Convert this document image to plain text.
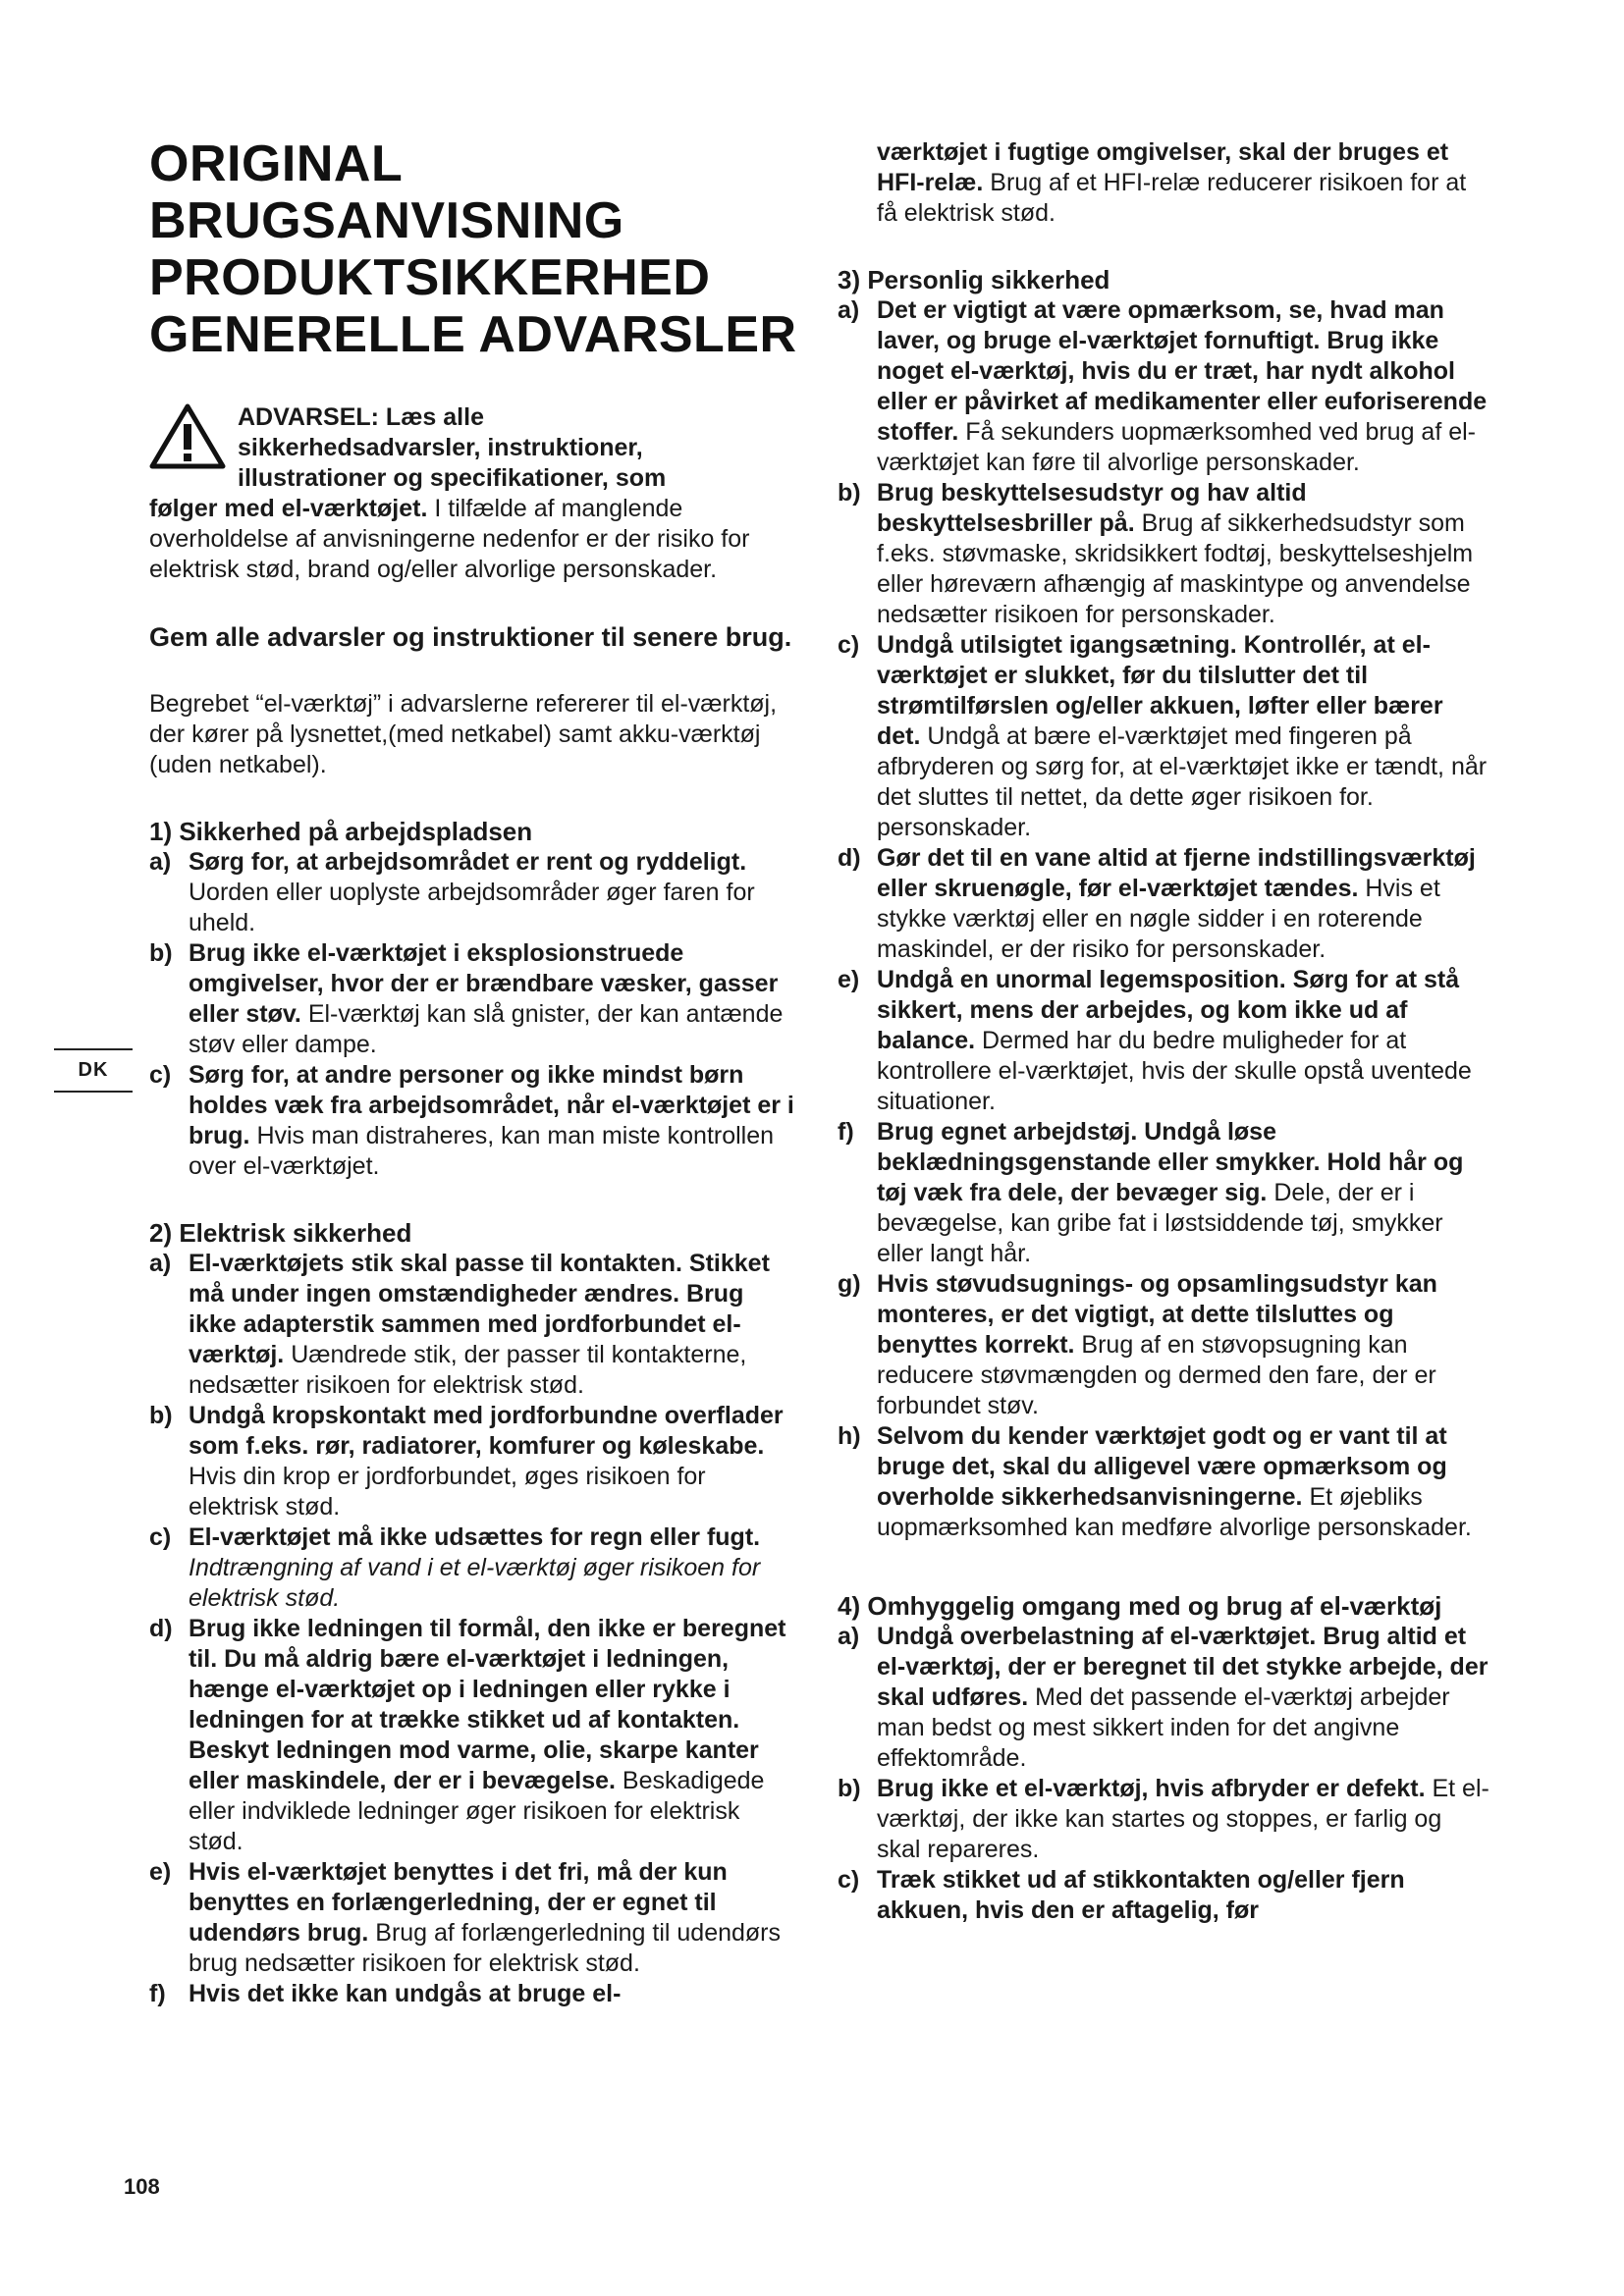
ORIGINAL
BRUGSANVISNING
PRODUKTSIKKERHED
GENERELLE ADVARSLER
ADVARSEL: Læs alle
sikkerhedsadvarsler, instruktioner,
illustrationer og specifikationer, som
følger med el-værktøjet. I tilfælde af manglende overholdelse af anvisningerne nedenfor er der risiko for elektrisk stød, brand og/eller alvorlige personskader.

Gem alle advarsler og instruktioner til senere brug.

Begrebet “el-værktøj” i advarslerne refererer til el-værktøj, der kører på lysnettet,(med netkabel) samt akku-værktøj (uden netkabel).

1) Sikkerhed på arbejdspladsen

a) Sørg for, at arbejdsområdet er rent og ryddeligt. Uorden eller uoplyste arbejdsområder øger faren for uheld.
b) Brug ikke el-værktøjet i eksplosionstruede omgivelser, hvor der er brændbare væsker, gasser eller støv. El-værktøj kan slå gnister, der kan antænde støv eller dampe.
c) Sørg for, at andre personer og ikke mindst børn holdes væk fra arbejdsområdet, når el-værktøjet er i brug. Hvis man distraheres, kan man miste kontrollen over el-værktøjet.

2) Elektrisk sikkerhed

a) El-værktøjets stik skal passe til kontakten. Stikket må under ingen omstændigheder ændres. Brug ikke adapterstik sammen med jordforbundet el-værktøj. Uændrede stik, der passer til kontakterne, nedsætter risikoen for elektrisk stød.
b) Undgå kropskontakt med jordforbundne overflader som f.eks. rør, radiatorer, komfurer og køleskabe. Hvis din krop er jordforbundet, øges risikoen for elektrisk stød.
c) El-værktøjet må ikke udsættes for regn eller fugt. Indtrængning af vand i et el-værktøj øger risikoen for elektrisk stød.
d) Brug ikke ledningen til formål, den ikke er beregnet til. Du må aldrig bære el-værktøjet i ledningen, hænge el-værktøjet op i ledningen eller rykke i ledningen for at trække stikket ud af kontakten. Beskyt ledningen mod varme, olie, skarpe kanter eller maskindele, der er i bevægelse. Beskadigede eller indviklede ledninger øger risikoen for elektrisk stød.
e) Hvis el-værktøjet benyttes i det fri, må der kun benyttes en forlængerledning, der er egnet til udendørs brug. Brug af forlængerledning til udendørs brug nedsætter risikoen for elektrisk stød.
f) Hvis det ikke kan undgås at bruge el-
værktøjet i fugtige omgivelser, skal der bruges et HFI-relæ. Brug af et HFI-relæ reducerer risikoen for at få elektrisk stød.

3) Personlig sikkerhed

a) Det er vigtigt at være opmærksom, se, hvad man laver, og bruge el-værktøjet fornuftigt. Brug ikke noget el-værktøj, hvis du er træt, har nydt alkohol eller er påvirket af medikamenter eller euforiserende stoffer. Få sekunders uopmærksomhed ved brug af el-værktøjet kan føre til alvorlige personskader.
b) Brug beskyttelsesudstyr og hav altid beskyttelsesbriller på. Brug af sikkerhedsudstyr som f.eks. støvmaske, skridsikkert fodtøj, beskyttelseshjelm eller høreværn afhængig af maskintype og anvendelse nedsætter risikoen for personskader.
c) Undgå utilsigtet igangsætning. Kontrollér, at el-værktøjet er slukket, før du tilslutter det til strømtilførslen og/eller akkuen, løfter eller bærer det. Undgå at bære el-værktøjet med fingeren på afbryderen og sørg for, at el-værktøjet ikke er tændt, når det sluttes til nettet, da dette øger risikoen for. personskader.
d) Gør det til en vane altid at fjerne indstillingsværktøj eller skruenøgle, før el-værktøjet tændes. Hvis et stykke værktøj eller en nøgle sidder i en roterende maskindel, er der risiko for personskader.
e) Undgå en unormal legemsposition. Sørg for at stå sikkert, mens der arbejdes, og kom ikke ud af balance. Dermed har du bedre muligheder for at kontrollere el-værktøjet, hvis der skulle opstå uventede situationer.
f) Brug egnet arbejdstøj. Undgå løse beklædningsgenstande eller smykker. Hold hår og tøj væk fra dele, der bevæger sig. Dele, der er i bevægelse, kan gribe fat i løstsiddende tøj, smykker eller langt hår.
g) Hvis støvudsugnings- og opsamlingsudstyr kan monteres, er det vigtigt, at dette tilsluttes og benyttes korrekt. Brug af en støvopsugning kan reducere støvmængden og dermed den fare, der er forbundet støv.
h) Selvom du kender værktøjet godt og er vant til at bruge det, skal du alligevel være opmærksom og overholde sikkerhedsanvisningerne. Et øjebliks uopmærksomhed kan medføre alvorlige personskader.

4) Omhyggelig omgang med og brug af el-værktøj

a) Undgå overbelastning af el-værktøjet. Brug altid et el-værktøj, der er beregnet til det stykke arbejde, der skal udføres. Med det passende el-værktøj arbejder man bedst og mest sikkert inden for det angivne effektområde.
b) Brug ikke et el-værktøj, hvis afbryder er defekt. Et el-værktøj, der ikke kan startes og stoppes, er farlig og skal repareres.
c) Træk stikket ud af stikkontakten og/eller fjern akkuen, hvis den er aftagelig, før
DK
108
